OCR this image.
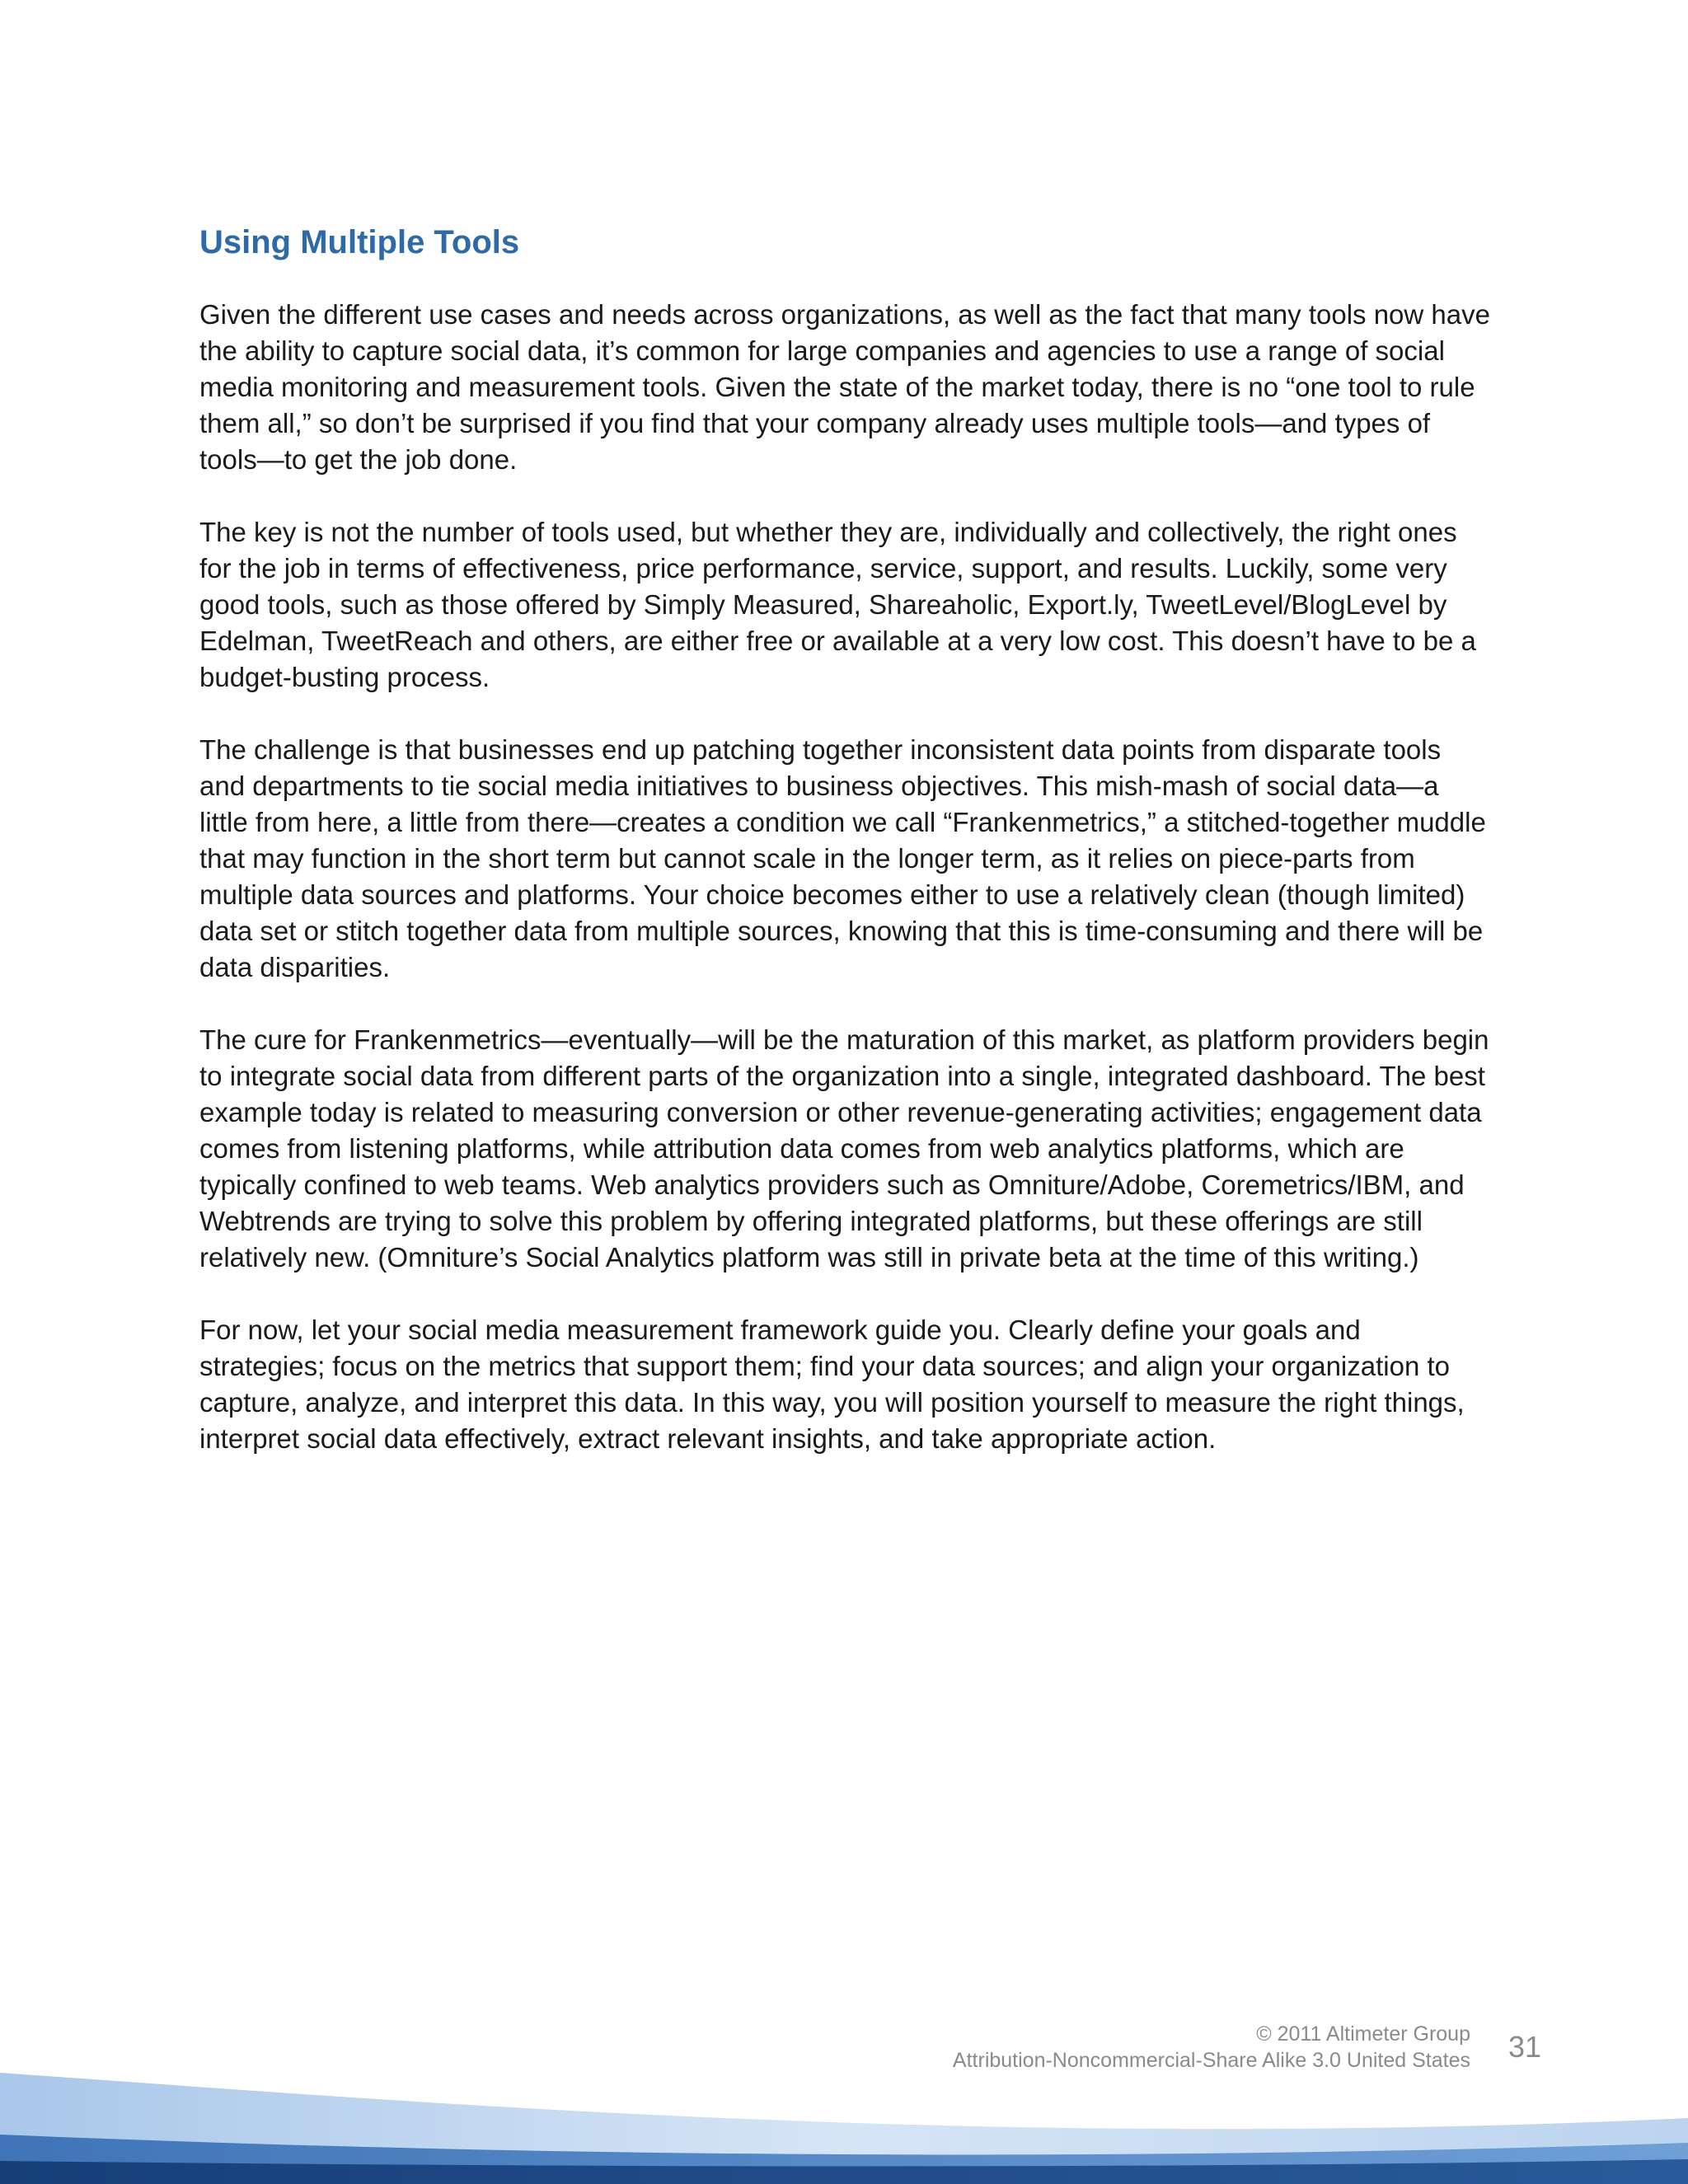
Using Multiple Tools

Given the different use cases and needs across organizations, as well as the fact that many tools now have the ability to capture social data, it’s common for large companies and agencies to use a range of social media monitoring and measurement tools. Given the state of the market today, there is no “one tool to rule them all,” so don’t be surprised if you find that your company already uses multiple tools—and types of tools—to get the job done.

The key is not the number of tools used, but whether they are, individually and collectively, the right ones for the job in terms of effectiveness, price performance, service, support, and results. Luckily, some very good tools, such as those offered by Simply Measured, Shareaholic, Export.ly, TweetLevel/BlogLevel by Edelman, TweetReach and others, are either free or available at a very low cost. This doesn’t have to be a budget-busting process.

The challenge is that businesses end up patching together inconsistent data points from disparate tools and departments to tie social media initiatives to business objectives. This mish-mash of social data—a little from here, a little from there—creates a condition we call “Frankenmetrics,” a stitched-together muddle that may function in the short term but cannot scale in the longer term, as it relies on piece-parts from multiple data sources and platforms. Your choice becomes either to use a relatively clean (though limited) data set or stitch together data from multiple sources, knowing that this is time-consuming and there will be data disparities.

The cure for Frankenmetrics—eventually—will be the maturation of this market, as platform providers begin to integrate social data from different parts of the organization into a single, integrated dashboard. The best example today is related to measuring conversion or other revenue-generating activities; engagement data comes from listening platforms, while attribution data comes from web analytics platforms, which are typically confined to web teams. Web analytics providers such as Omniture/Adobe, Coremetrics/IBM, and Webtrends are trying to solve this problem by offering integrated platforms, but these offerings are still relatively new. (Omniture’s Social Analytics platform was still in private beta at the time of this writing.)

For now, let your social media measurement framework guide you. Clearly define your goals and strategies; focus on the metrics that support them; find your data sources; and align your organization to capture, analyze, and interpret this data. In this way, you will position yourself to measure the right things, interpret social data effectively, extract relevant insights, and take appropriate action.

© 2011 Altimeter Group
Attribution-Noncommercial-Share Alike 3.0 United States 31
